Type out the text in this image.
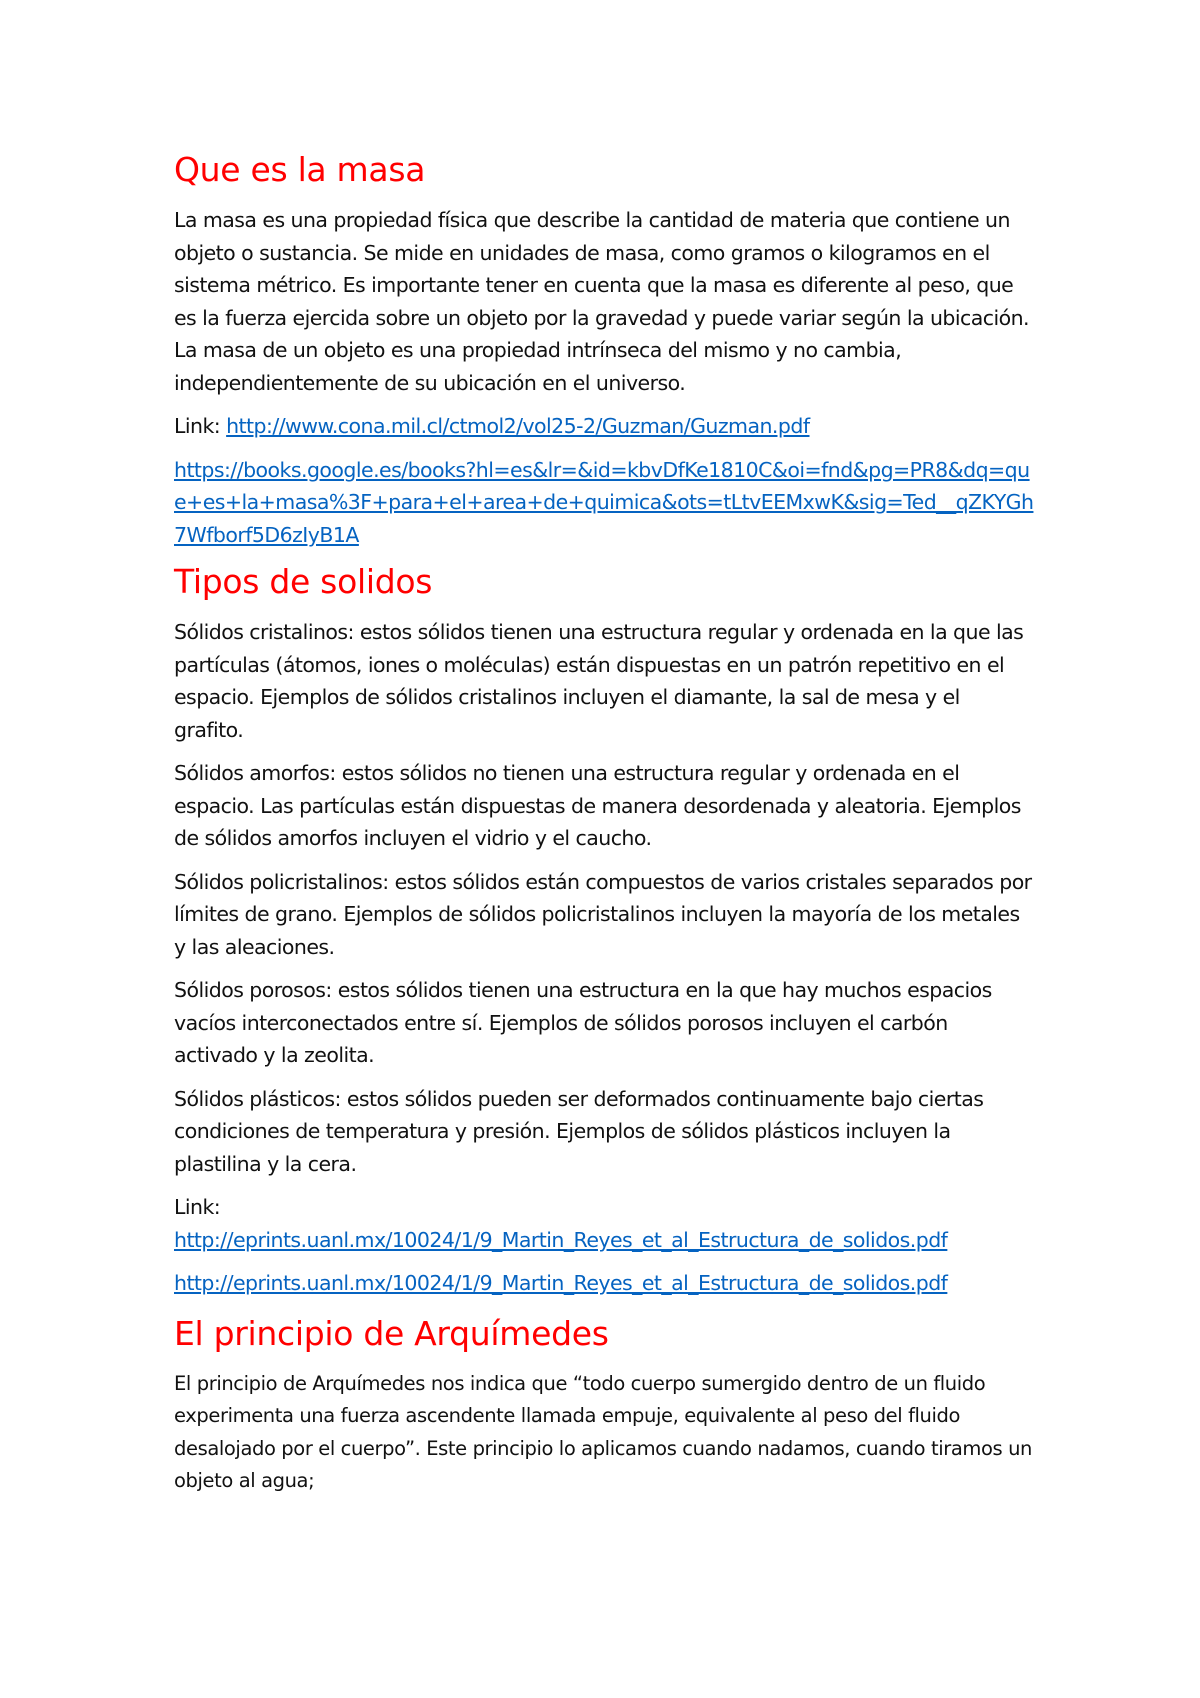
Que es la masa

La masa es una propiedad física que describe la cantidad de materia que contiene un objeto o sustancia. Se mide en unidades de masa, como gramos o kilogramos en el sistema métrico. Es importante tener en cuenta que la masa es diferente al peso, que es la fuerza ejercida sobre un objeto por la gravedad y puede variar según la ubicación. La masa de un objeto es una propiedad intrínseca del mismo y no cambia, independientemente de su ubicación en el universo.

Link: http://www.cona.mil.cl/ctmol2/vol25-2/Guzman/Guzman.pdf

https://books.google.es/books?hl=es&lr=&id=kbvDfKe1810C&oi=fnd&pg=PR8&dq=que+es+la+masa%3F+para+el+area+de+quimica&ots=tLtvEEMxwK&sig=Ted__qZKYGh7Wfborf5D6zIyB1A

Tipos de solidos

Sólidos cristalinos: estos sólidos tienen una estructura regular y ordenada en la que las partículas (átomos, iones o moléculas) están dispuestas en un patrón repetitivo en el espacio. Ejemplos de sólidos cristalinos incluyen el diamante, la sal de mesa y el grafito.

Sólidos amorfos: estos sólidos no tienen una estructura regular y ordenada en el espacio. Las partículas están dispuestas de manera desordenada y aleatoria. Ejemplos de sólidos amorfos incluyen el vidrio y el caucho.

Sólidos policristalinos: estos sólidos están compuestos de varios cristales separados por límites de grano. Ejemplos de sólidos policristalinos incluyen la mayoría de los metales y las aleaciones.

Sólidos porosos: estos sólidos tienen una estructura en la que hay muchos espacios vacíos interconectados entre sí. Ejemplos de sólidos porosos incluyen el carbón activado y la zeolita.

Sólidos plásticos: estos sólidos pueden ser deformados continuamente bajo ciertas condiciones de temperatura y presión. Ejemplos de sólidos plásticos incluyen la plastilina y la cera.

Link:
http://eprints.uanl.mx/10024/1/9_Martin_Reyes_et_al_Estructura_de_solidos.pdf

http://eprints.uanl.mx/10024/1/9_Martin_Reyes_et_al_Estructura_de_solidos.pdf

El principio de Arquímedes

El principio de Arquímedes nos indica que “todo cuerpo sumergido dentro de un fluido experimenta una fuerza ascendente llamada empuje, equivalente al peso del fluido desalojado por el cuerpo”. Este principio lo aplicamos cuando nadamos, cuando tiramos un objeto al agua;
